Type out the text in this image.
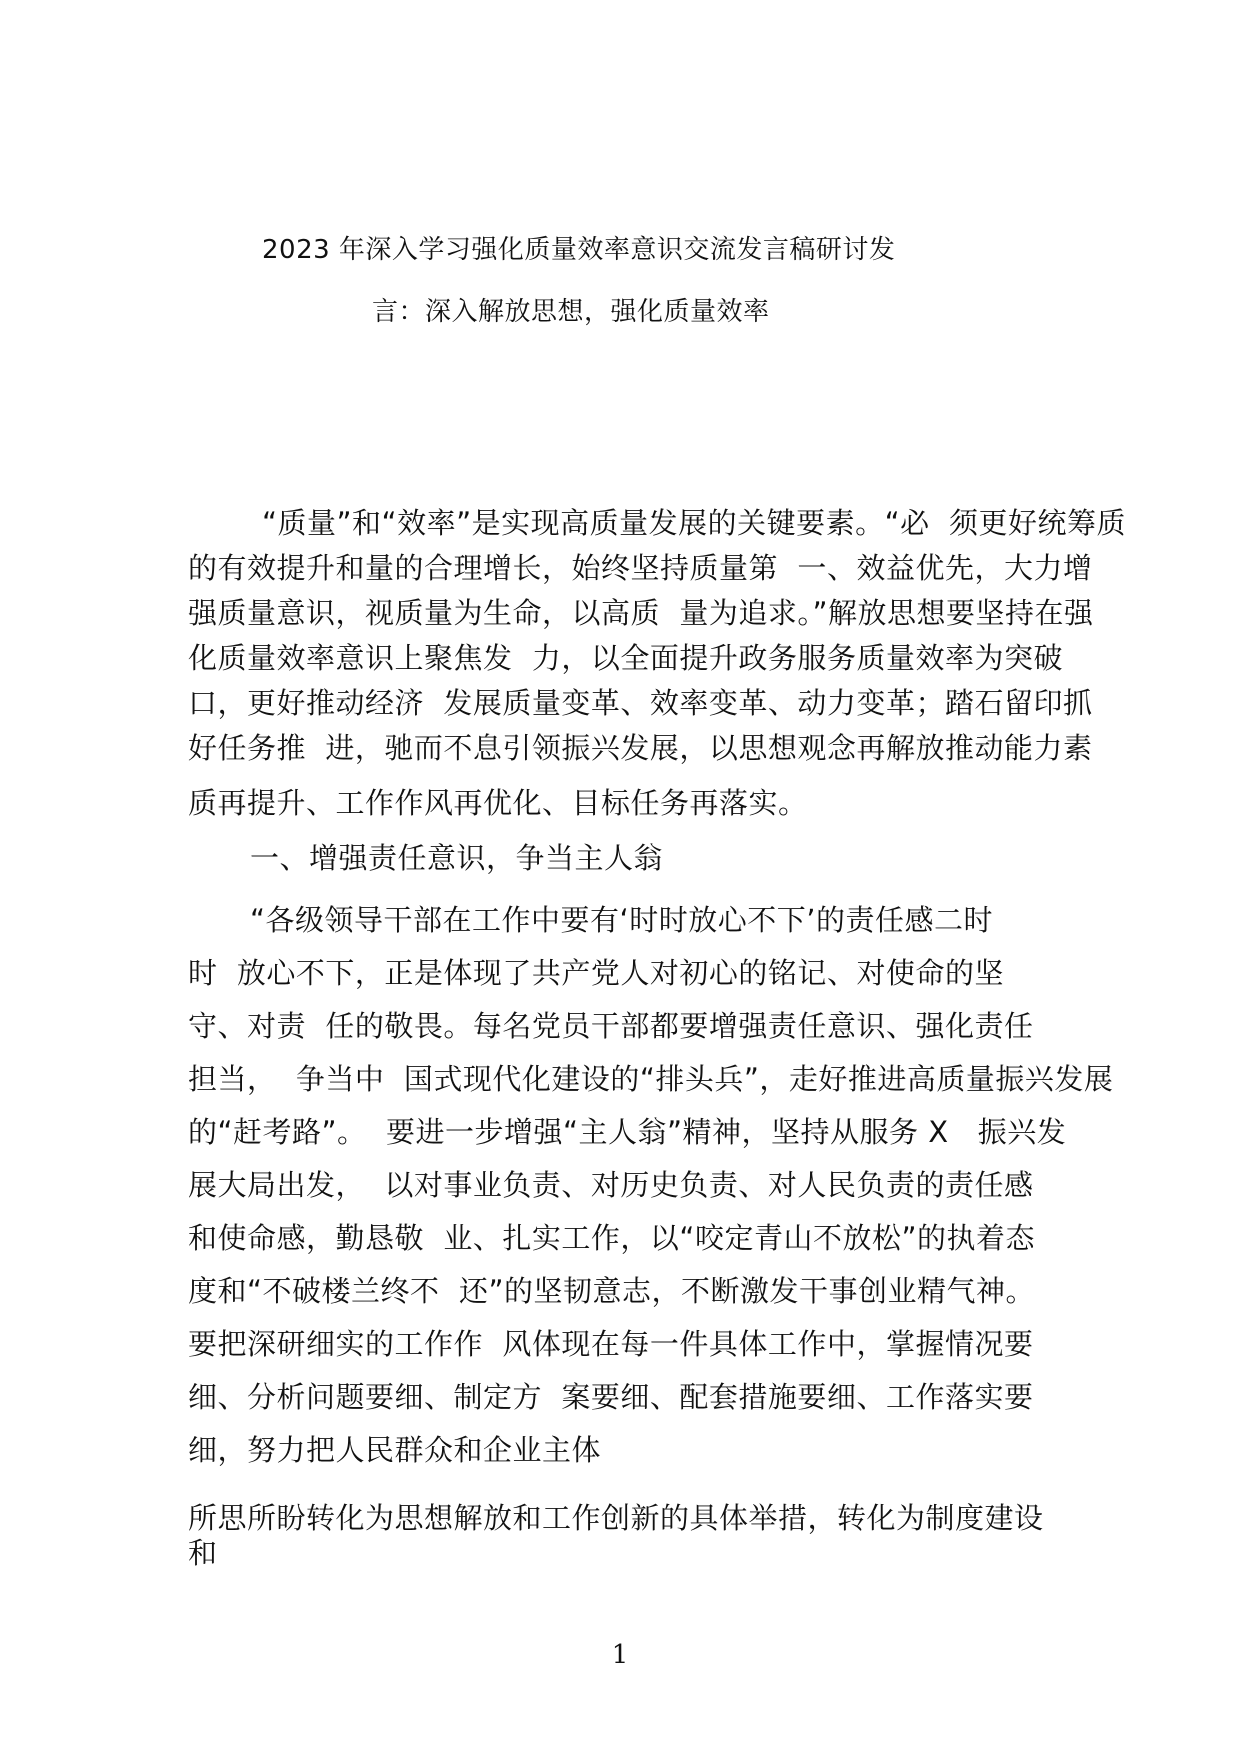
2023 年深入学习强化质量效率意识交流发言稿研讨发
言：深入解放思想，强化质量效率
“质量”和“效率”是实现高质量发展的关键要素。“必  须更好统筹质
的有效提升和量的合理增长，始终坚持质量第  一、效益优先，大力增
强质量意识，视质量为生命，以高质  量为追求。”解放思想要坚持在强
化质量效率意识上聚焦发  力，以全面提升政务服务质量效率为突破
口，更好推动经济  发展质量变革、效率变革、动力变革；踏石留印抓
好任务推  进，驰而不息引领振兴发展，以思想观念再解放推动能力素
质再提升、工作作风再优化、目标任务再落实。
一、增强责任意识，争当主人翁
“各级领导干部在工作中要有‘时时放心不下’的责任感二时
时  放心不下，正是体现了共产党人对初心的铭记、对使命的坚
守、对责  任的敬畏。每名党员干部都要增强责任意识、强化责任
担当，  争当中  国式现代化建设的“排头兵”，走好推进高质量振兴发展
的“赶考路”。  要进一步增强“主人翁”精神，坚持从服务 X   振兴发
展大局出发，  以对事业负责、对历史负责、对人民负责的责任感
和使命感，勤恳敬  业、扎实工作，以“咬定青山不放松”的执着态
度和“不破楼兰终不  还”的坚韧意志，不断激发干事创业精气神。
要把深研细实的工作作  风体现在每一件具体工作中，掌握情况要
细、分析问题要细、制定方  案要细、配套措施要细、工作落实要
细，努力把人民群众和企业主体
所思所盼转化为思想解放和工作创新的具体举措，转化为制度建设
和
1
